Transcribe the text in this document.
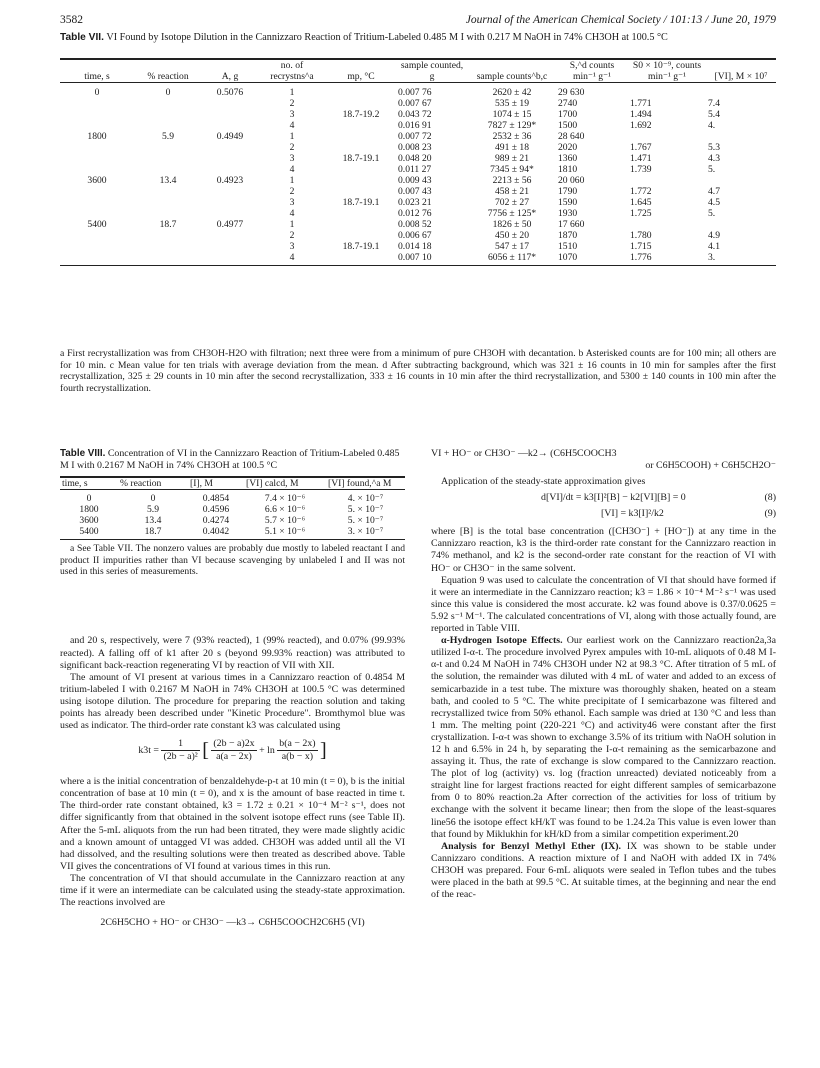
3582	Journal of the American Chemical Society / 101:13 / June 20, 1979
Table VII. VI Found by Isotope Dilution in the Cannizzaro Reaction of Tritium-Labeled 0.485 M I with 0.217 M NaOH in 74% CH3OH at 100.5 °C

time, s	% reaction	A, g	no. of recrystns^a	mp, °C	sample counted, g	sample counts^b,c	S,^d counts min⁻¹ g⁻¹	S0 × 10⁻⁹, counts min⁻¹ g⁻¹	[VI], M × 10⁷
0	0	0.5076	1		0.007 76	2620 ± 42	29 630		
			2		0.007 67	535 ± 19	2740	1.771	7.4
			3	18.7-19.2	0.043 72	1074 ± 15	1700	1.494	5.4
			4		0.016 91	7827 ± 129*	1500	1.692	4.
1800	5.9	0.4949	1		0.007 72	2532 ± 36	28 640		
			2		0.008 23	491 ± 18	2020	1.767	5.3
			3	18.7-19.1	0.048 20	989 ± 21	1360	1.471	4.3
			4		0.011 27	7345 ± 94*	1810	1.739	5.
3600	13.4	0.4923	1		0.009 43	2213 ± 56	20 060		
			2		0.007 43	458 ± 21	1790	1.772	4.7
			3	18.7-19.1	0.023 21	702 ± 27	1590	1.645	4.5
			4		0.012 76	7756 ± 125*	1930	1.725	5.
5400	18.7	0.4977	1		0.008 52	1826 ± 50	17 660		
			2		0.006 67	450 ± 20	1870	1.780	4.9
			3	18.7-19.1	0.014 18	547 ± 17	1510	1.715	4.1
			4		0.007 10	6056 ± 117*	1070	1.776	3.
a First recrystallization was from CH3OH-H2O with filtration; next three were from a minimum of pure CH3OH with decantation. b Asterisked counts are for 100 min; all others are for 10 min. c Mean value for ten trials with average deviation from the mean. d After subtracting background, which was 321 ± 16 counts in 10 min for samples after the first recrystallization, 325 ± 29 counts in 10 min after the second recrystallization, 333 ± 16 counts in 10 min after the third recrystallization, and 5300 ± 140 counts in 100 min after the fourth recrystallization.
Table VIII. Concentration of VI in the Cannizzaro Reaction of Tritium-Labeled 0.485 M I with 0.2167 M NaOH in 74% CH3OH at 100.5 °C

time, s	% reaction	[I], M	[VI] calcd, M	[VI] found,^a M
0	0	0.4854	7.4 × 10⁻⁶	4. × 10⁻⁷
1800	5.9	0.4596	6.6 × 10⁻⁶	5. × 10⁻⁷
3600	13.4	0.4274	5.7 × 10⁻⁶	5. × 10⁻⁷
5400	18.7	0.4042	5.1 × 10⁻⁶	3. × 10⁻⁷
a See Table VII. The nonzero values are probably due mostly to labeled reactant I and product II impurities rather than VI because scavenging by unlabeled I and II was not used in this series of measurements.

and 20 s, respectively, were 7 (93% reacted), 1 (99% reacted), and 0.07% (99.93% reacted). A falling off of k1 after 20 s (beyond 99.93% reaction) was attributed to significant back-reaction regenerating VI by reaction of VII with XII.

The amount of VI present at various times in a Cannizzaro reaction of 0.4854 M tritium-labeled I with 0.2167 M NaOH in 74% CH3OH at 100.5 °C was determined using isotope dilution. The procedure for preparing the reaction solution and taking points has already been described under "Kinetic Procedure". Bromthymol blue was used as indicator. The third-order rate constant k3 was calculated using

$k3t = \frac{1}{\text{(2b − a)²}}$ [ $\frac{(2b - a)2x}{a(a - 2x)} + \ln \frac{b(a - 2x)}{a(b - x)}$ ]

where a is the initial concentration of benzaldehyde-p-t at 10 min (t = 0), b is the initial concentration of base at 10 min (t = 0), and x is the amount of base reacted in time t. The third-order rate constant obtained, k3 = 1.72 ± 0.21 × 10⁻⁴ M⁻² s⁻¹, does not differ significantly from that obtained in the solvent isotope effect runs (see Table II). After the 5-mL aliquots from the run had been titrated, they were made slightly acidic and a known amount of untagged VI was added. CH3OH was added until all the VI had dissolved, and the resulting solutions were then treated as described above. Table VII gives the concentrations of VI found at various times in this run.

The concentration of VI that should accumulate in the Cannizzaro reaction at any time if it were an intermediate can be calculated using the steady-state approximation. The reactions involved are

2C6H5CHO + HO⁻ or CH3O⁻ —k3→ C6H5COOCH2C6H5 (VI)
VI + HO⁻ or CH3O⁻ —k2→ (C6H5COOCH3
or C6H5COOH) + C6H5CH2O⁻

Application of the steady-state approximation gives

d[VI]/dt = k3[I]²[B] − k2[VI][B] = 0	(8)
[VI] = k3[I]²/k2	(9)

where [B] is the total base concentration ([CH3O⁻] + [HO⁻]) at any time in the Cannizzaro reaction, k3 is the third-order rate constant for the Cannizzaro reaction in 74% methanol, and k2 is the second-order rate constant for the reaction of VI with HO⁻ or CH3O⁻ in the same solvent.

Equation 9 was used to calculate the concentration of VI that should have formed if it were an intermediate in the Cannizzaro reaction; k3 = 1.86 × 10⁻⁴ M⁻² s⁻¹ was used since this value is considered the most accurate. k2 was found above is 0.37/0.0625 = 5.92 s⁻¹ M⁻¹. The calculated concentrations of VI, along with those actually found, are reported in Table VIII.

α-Hydrogen Isotope Effects. Our earliest work on the Cannizzaro reaction2a,3a utilized I-α-t. The procedure involved Pyrex ampules with 10-mL aliquots of 0.48 M I-α-t and 0.24 M NaOH in 74% CH3OH under N2 at 98.3 °C. After titration of 5 mL of the solution, the remainder was diluted with 4 mL of water and added to an excess of semicarbazide in a test tube. The mixture was thoroughly shaken, heated on a steam bath, and cooled to 5 °C. The white precipitate of I semicarbazone was filtered and recrystallized twice from 50% ethanol. Each sample was dried at 130 °C and less than 1 mm. The melting point (220-221 °C) and activity46 were constant after the first crystallization. I-α-t was shown to exchange 3.5% of its tritium with NaOH solution in 12 h and 6.5% in 24 h, by separating the I-α-t remaining as the semicarbazone and assaying it. Thus, the rate of exchange is slow compared to the Cannizzaro reaction. The plot of log (activity) vs. log (fraction unreacted) deviated noticeably from a straight line for largest fractions reacted for eight different samples of semicarbazone from 0 to 80% reaction.2a After correction of the activities for loss of tritium by exchange with the solvent it became linear; then from the slope of the least-squares line56 the isotope effect kH/kT was found to be 1.24.2a This value is even lower than that found by Miklukhin for kH/kD from a similar competition experiment.20

Analysis for Benzyl Methyl Ether (IX). IX was shown to be stable under Cannizzaro conditions. A reaction mixture of I and NaOH with added IX in 74% CH3OH was prepared. Four 6-mL aliquots were sealed in Teflon tubes and the tubes were placed in the bath at 99.5 °C. At suitable times, at the beginning and near the end of the reac-
